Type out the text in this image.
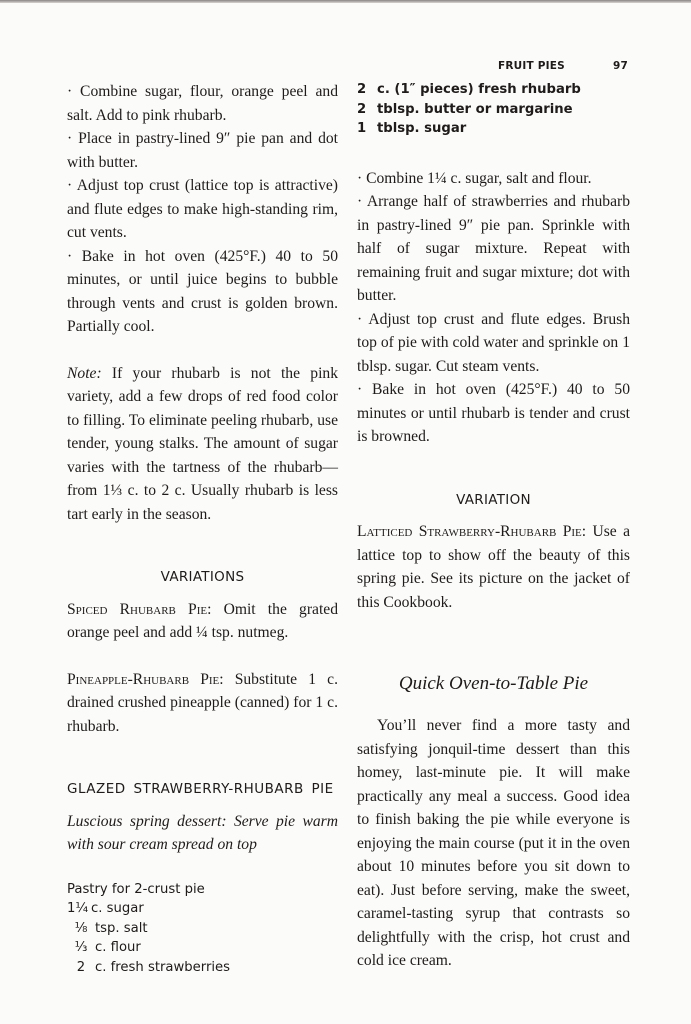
FRUIT PIES	97

· Combine sugar, flour, orange peel and salt. Add to pink rhubarb.

· Place in pastry-lined 9″ pie pan and dot with butter.

· Adjust top crust (lattice top is attractive) and flute edges to make high-standing rim, cut vents.

· Bake in hot oven (425°F.) 40 to 50 minutes, or until juice begins to bubble through vents and crust is golden brown. Partially cool.

Note: If your rhubarb is not the pink variety, add a few drops of red food color to filling. To eliminate peeling rhubarb, use tender, young stalks. The amount of sugar varies with the tartness of the rhubarb—from 1⅓ c. to 2 c. Usually rhubarb is less tart early in the season.

VARIATIONS

Spiced Rhubarb Pie: Omit the grated orange peel and add ¼ tsp. nutmeg.

Pineapple-Rhubarb Pie: Substitute 1 c. drained crushed pineapple (canned) for 1 c. rhubarb.

GLAZED STRAWBERRY-RHUBARB PIE

Luscious spring dessert: Serve pie warm with sour cream spread on top

Pastry for 2-crust pie
1¼ c. sugar
⅛ tsp. salt
⅓ c. flour
2 c. fresh strawberries
2 c. (1″ pieces) fresh rhubarb
2 tblsp. butter or margarine
1 tblsp. sugar

· Combine 1¼ c. sugar, salt and flour.

· Arrange half of strawberries and rhubarb in pastry-lined 9″ pie pan. Sprinkle with half of sugar mixture. Repeat with remaining fruit and sugar mixture; dot with butter.

· Adjust top crust and flute edges. Brush top of pie with cold water and sprinkle on 1 tblsp. sugar. Cut steam vents.

· Bake in hot oven (425°F.) 40 to 50 minutes or until rhubarb is tender and crust is browned.

VARIATION

Latticed Strawberry-Rhubarb Pie: Use a lattice top to show off the beauty of this spring pie. See its picture on the jacket of this Cookbook.

Quick Oven-to-Table Pie

You’ll never find a more tasty and satisfying jonquil-time dessert than this homey, last-minute pie. It will make practically any meal a success. Good idea to finish baking the pie while everyone is enjoying the main course (put it in the oven about 10 minutes before you sit down to eat). Just before serving, make the sweet, caramel-tasting syrup that contrasts so delightfully with the crisp, hot crust and cold ice cream.
